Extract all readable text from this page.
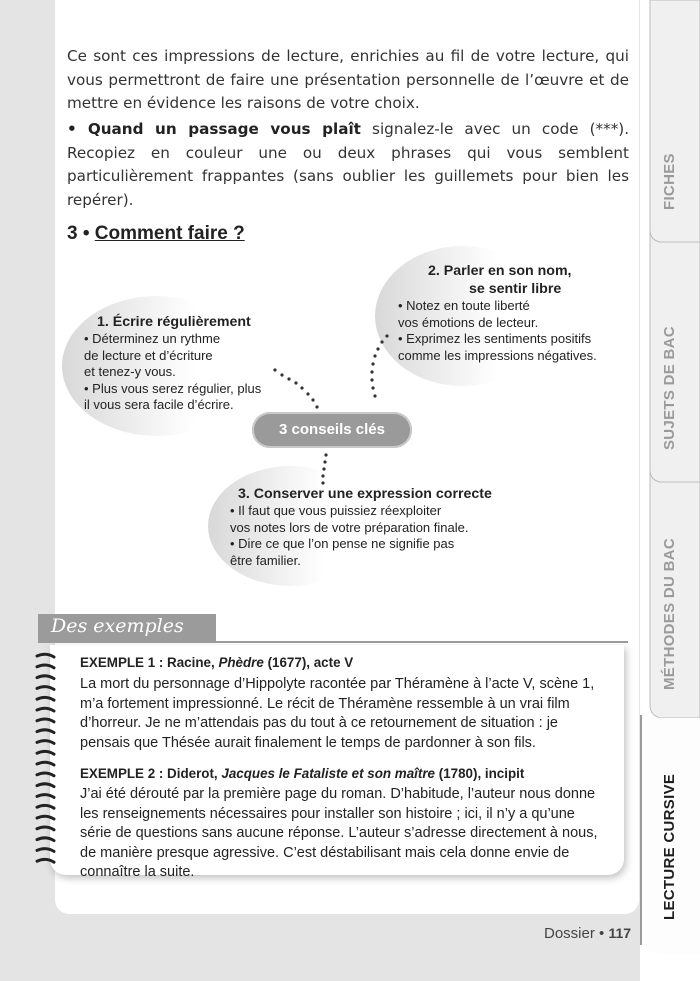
Ce sont ces impressions de lecture, enrichies au fil de votre lecture, qui vous permettront de faire une présentation personnelle de l’œuvre et de mettre en évidence les raisons de votre choix.

• Quand un passage vous plaît signalez-le avec un code (***). Recopiez en couleur une ou deux phrases qui vous semblent particulièrement frappantes (sans oublier les guillemets pour bien les repérer).

3 • Comment faire ?
3 conseils clés
1. Écrire régulièrement
• Déterminez un rythme
de lecture et d’écriture
et tenez-y vous.
• Plus vous serez régulier, plus
il vous sera facile d’écrire.
2. Parler en son nom,
se sentir libre
• Notez en toute liberté
vos émotions de lecteur.
• Exprimez les sentiments positifs
comme les impressions négatives.
3. Conserver une expression correcte
• Il faut que vous puissiez réexploiter
vos notes lors de votre préparation finale.
• Dire ce que l’on pense ne signifie pas
être familier.
Des exemples
EXEMPLE 1 : Racine, Phèdre (1677), acte V

La mort du personnage d’Hippolyte racontée par Théramène à l’acte V, scène 1, m’a fortement impressionné. Le récit de Théramène ressemble à un vrai film d’horreur. Je ne m’attendais pas du tout à ce retournement de situation : je pensais que Thésée aurait finalement le temps de pardonner à son fils.

EXEMPLE 2 : Diderot, Jacques le Fataliste et son maître (1780), incipit

J’ai été dérouté par la première page du roman. D’habitude, l’auteur nous donne les renseignements nécessaires pour installer son histoire ; ici, il n’y a qu’une série de questions sans aucune réponse. L’auteur s’adresse directement à nous, de manière presque agressive. C’est déstabilisant mais cela donne envie de connaître la suite.

FICHES
SUJETS DE BAC
MÉTHODES DU BAC
LECTURE CURSIVE
Dossier • 117
